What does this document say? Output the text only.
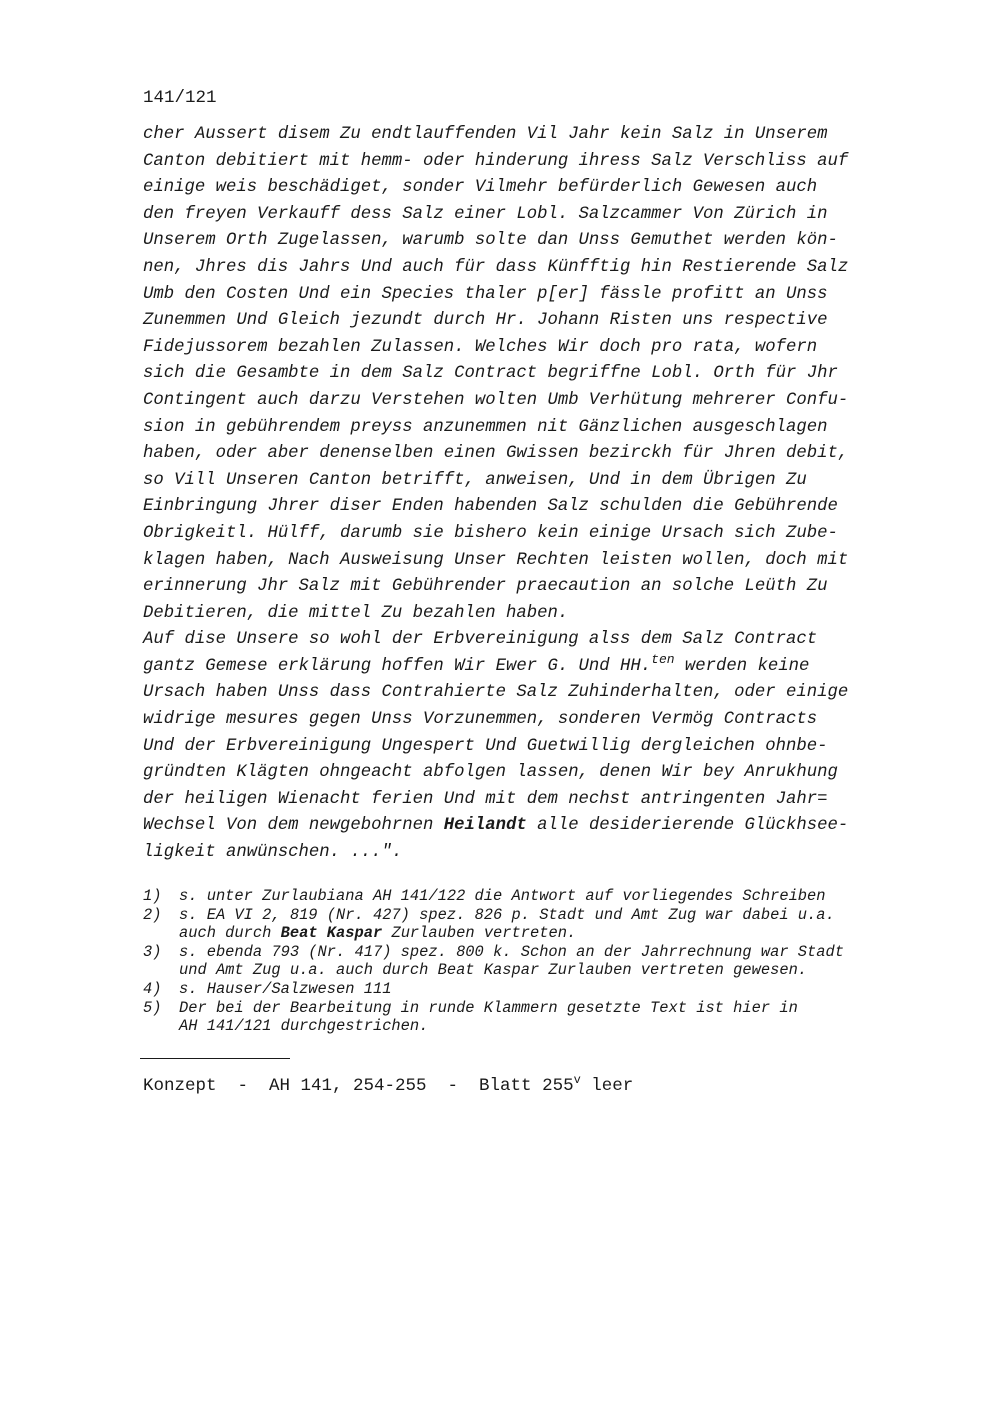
141/121
cher Aussert disem Zu endtlauffenden Vil Jahr kein Salz in Unserem
Canton debitiert mit hemm- oder hinderung ihress Salz Verschliss auf
einige weis beschädiget, sonder Vilmehr befürderlich Gewesen auch
den freyen Verkauff dess Salz einer Lobl. Salzcammer Von Zürich in
Unserem Orth Zugelassen, warumb solte dan Unss Gemuthet werden kön-
nen, Jhres dis Jahrs Und auch für dass Künfftig hin Restierende Salz
Umb den Costen Und ein Species thaler p[er] fässle profitt an Unss
Zunemmen Und Gleich jezundt durch Hr. Johann Risten uns respective
Fidejussorem bezahlen Zulassen. Welches Wir doch pro rata, wofern
sich die Gesambte in dem Salz Contract begriffne Lobl. Orth für Jhr
Contingent auch darzu Verstehen wolten Umb Verhütung mehrerer Confu-
sion in gebührendem preyss anzunemmen nit Gänzlichen ausgeschlagen
haben, oder aber denenselben einen Gwissen bezirckh für Jhren debit,
so Vill Unseren Canton betrifft, anweisen, Und in dem Übrigen Zu
Einbringung Jhrer diser Enden habenden Salz schulden die Gebührende
Obrigkeitl. Hülff, darumb sie bishero kein einige Ursach sich Zube-
klagen haben, Nach Ausweisung Unser Rechten leisten wollen, doch mit
erinnerung Jhr Salz mit Gebührender praecaution an solche Leüth Zu
Debitieren, die mittel Zu bezahlen haben.
Auf dise Unsere so wohl der Erbvereinigung alss dem Salz Contract
gantz Gemese erklärung hoffen Wir Ewer G. Und HH.$^{ten}$ werden keine
Ursach haben Unss dass Contrahierte Salz Zuhinderhalten, oder einige
widrige mesures gegen Unss Vorzunemmen, sonderen Vermög Contracts
Und der Erbvereinigung Ungespert Und Guetwillig dergleichen ohnbe-
gründten Klägten ohngeacht abfolgen lassen, denen Wir bey Anrukhung
der heiligen Wienacht ferien Und mit dem nechst antringenten Jahr=
Wechsel Von dem newgebohrnen Heilandt alle desiderierende Glückhsee-
ligkeit anwünschen. ...".
1)	s. unter Zurlaubiana AH 141/122 die Antwort auf vorliegendes Schreiben
2)	s. EA VI 2, 819 (Nr. 427) spez. 826 p. Stadt und Amt Zug war dabei u.a.
auch durch Beat Kaspar Zurlauben vertreten.
3)	s. ebenda 793 (Nr. 417) spez. 800 k. Schon an der Jahrrechnung war Stadt
und Amt Zug u.a. auch durch Beat Kaspar Zurlauben vertreten gewesen.
4)	s. Hauser/Salzwesen 111
5)	Der bei der Bearbeitung in runde Klammern gesetzte Text ist hier in
AH 141/121 durchgestrichen.
Konzept  -  AH 141, 254-255  -  Blatt 255$^v$ leer
